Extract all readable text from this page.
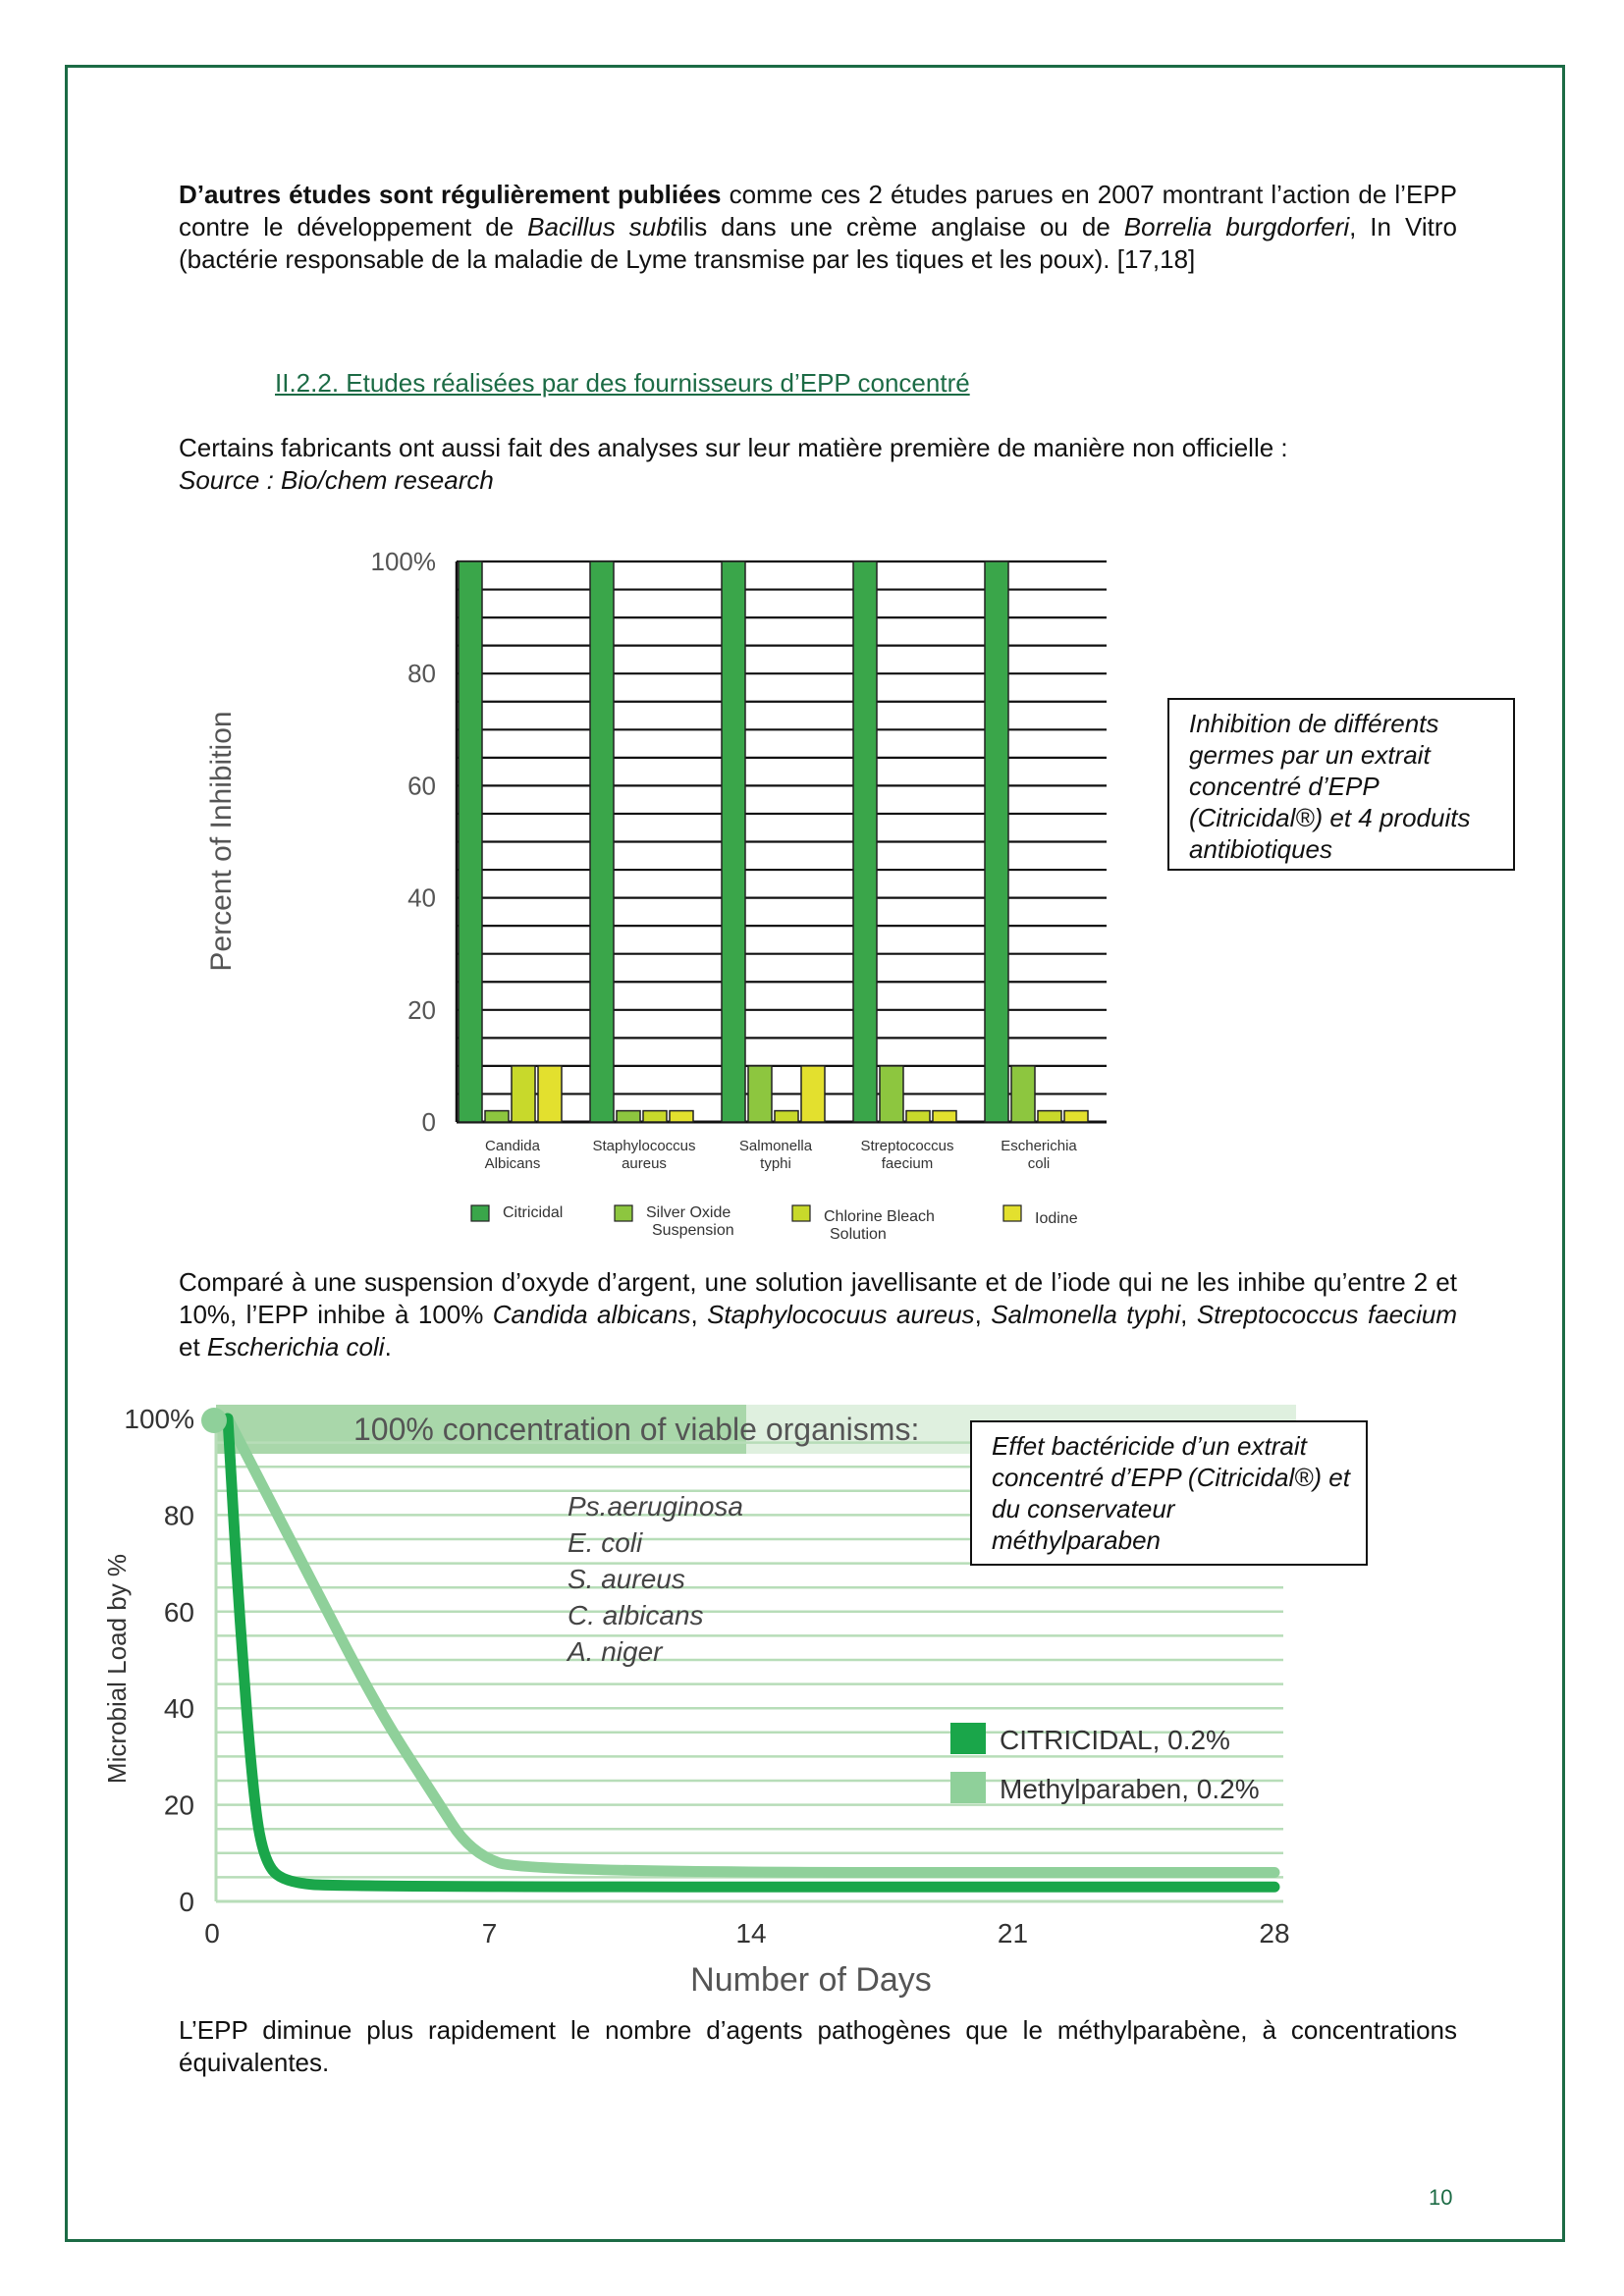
D’autres études sont régulièrement publiées comme ces 2 études parues en 2007 montrant l’action de l’EPP contre le développement de Bacillus subtilis dans une crème anglaise ou de Borrelia burgdorferi, In Vitro (bactérie responsable de la maladie de Lyme transmise par les tiques et les poux). [17,18]
II.2.2. Etudes réalisées par des fournisseurs d’EPP concentré
Certains fabricants ont aussi fait des analyses sur leur matière première de manière non officielle :
Source : Bio/chem research
0
20
40
60
80
100%
Percent of Inhibition
Candida
Albicans
Staphylococcus
aureus
Salmonella
typhi
Streptococcus
faecium
Escherichia
coli
Citricidal	Silver Oxide
Suspension
Chlorine Bleach
Solution
Iodine
Inhibition de différents germes par un extrait concentré d’EPP (Citricidal®) et 4 produits antibiotiques
Comparé à une suspension d’oxyde d’argent, une solution javellisante et de l’iode qui ne les inhibe qu’entre 2 et 10%, l’EPP inhibe à 100% Candida albicans, Staphylococuus aureus, Salmonella typhi, Streptococcus faecium et Escherichia coli.
0
20
40
60
80
100%
Microbial Load by %
0	7	14	21	28
Number of Days
100% concentration of viable organisms:
Ps.aeruginosa
E. coli
S. aureus
C. albicans
A. niger
CITRICIDAL, 0.2%
Methylparaben, 0.2%
Effet bactéricide d’un extrait concentré d’EPP (Citricidal®) et du conservateur méthylparaben
L’EPP diminue plus rapidement le nombre d’agents pathogènes que le méthylparabène, à concentrations équivalentes.
10
